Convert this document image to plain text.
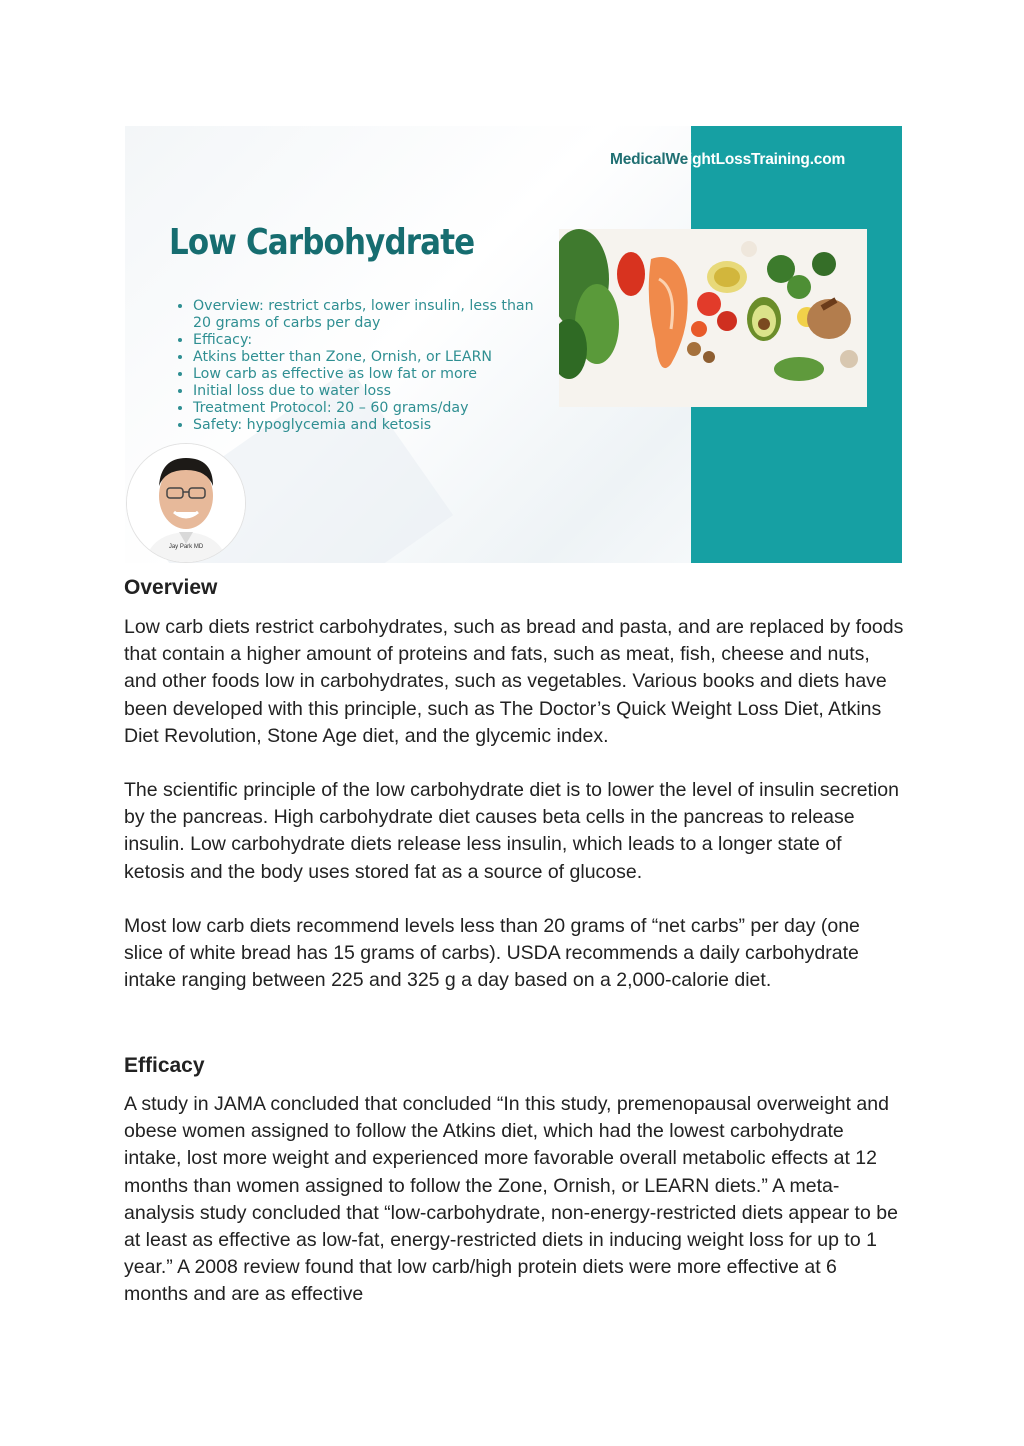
MedicalWeightLossTraining.com
Low Carbohydrate
• Overview: restrict carbs, lower insulin, less than 20 grams of carbs per day
• Efficacy:
• Atkins better than Zone, Ornish, or LEARN
• Low carb as effective as low fat or more
• Initial loss due to water loss
• Treatment Protocol: 20 – 60 grams/day
• Safety: hypoglycemia and ketosis
Jay Park MD
Overview

Low carb diets restrict carbohydrates, such as bread and pasta, and are replaced by foods that contain a higher amount of proteins and fats, such as meat, fish, cheese and nuts, and other foods low in carbohydrates, such as vegetables. Various books and diets have been developed with this principle, such as The Doctor’s Quick Weight Loss Diet, Atkins Diet Revolution, Stone Age diet, and the glycemic index.

The scientific principle of the low carbohydrate diet is to lower the level of insulin secretion by the pancreas. High carbohydrate diet causes beta cells in the pancreas to release insulin. Low carbohydrate diets release less insulin, which leads to a longer state of ketosis and the body uses stored fat as a source of glucose.

Most low carb diets recommend levels less than 20 grams of “net carbs” per day (one slice of white bread has 15 grams of carbs). USDA recommends a daily carbohydrate intake ranging between 225 and 325 g a day based on a 2,000-calorie diet.

Efficacy

A study in JAMA concluded that concluded “In this study, premenopausal overweight and obese women assigned to follow the Atkins diet, which had the lowest carbohydrate intake, lost more weight and experienced more favorable overall metabolic effects at 12 months than women assigned to follow the Zone, Ornish, or LEARN diets.” A meta-analysis study concluded that “low-carbohydrate, non-energy-restricted diets appear to be at least as effective as low-fat, energy-restricted diets in inducing weight loss for up to 1 year.” A 2008 review found that low carb/high protein diets were more effective at 6 months and are as effective
